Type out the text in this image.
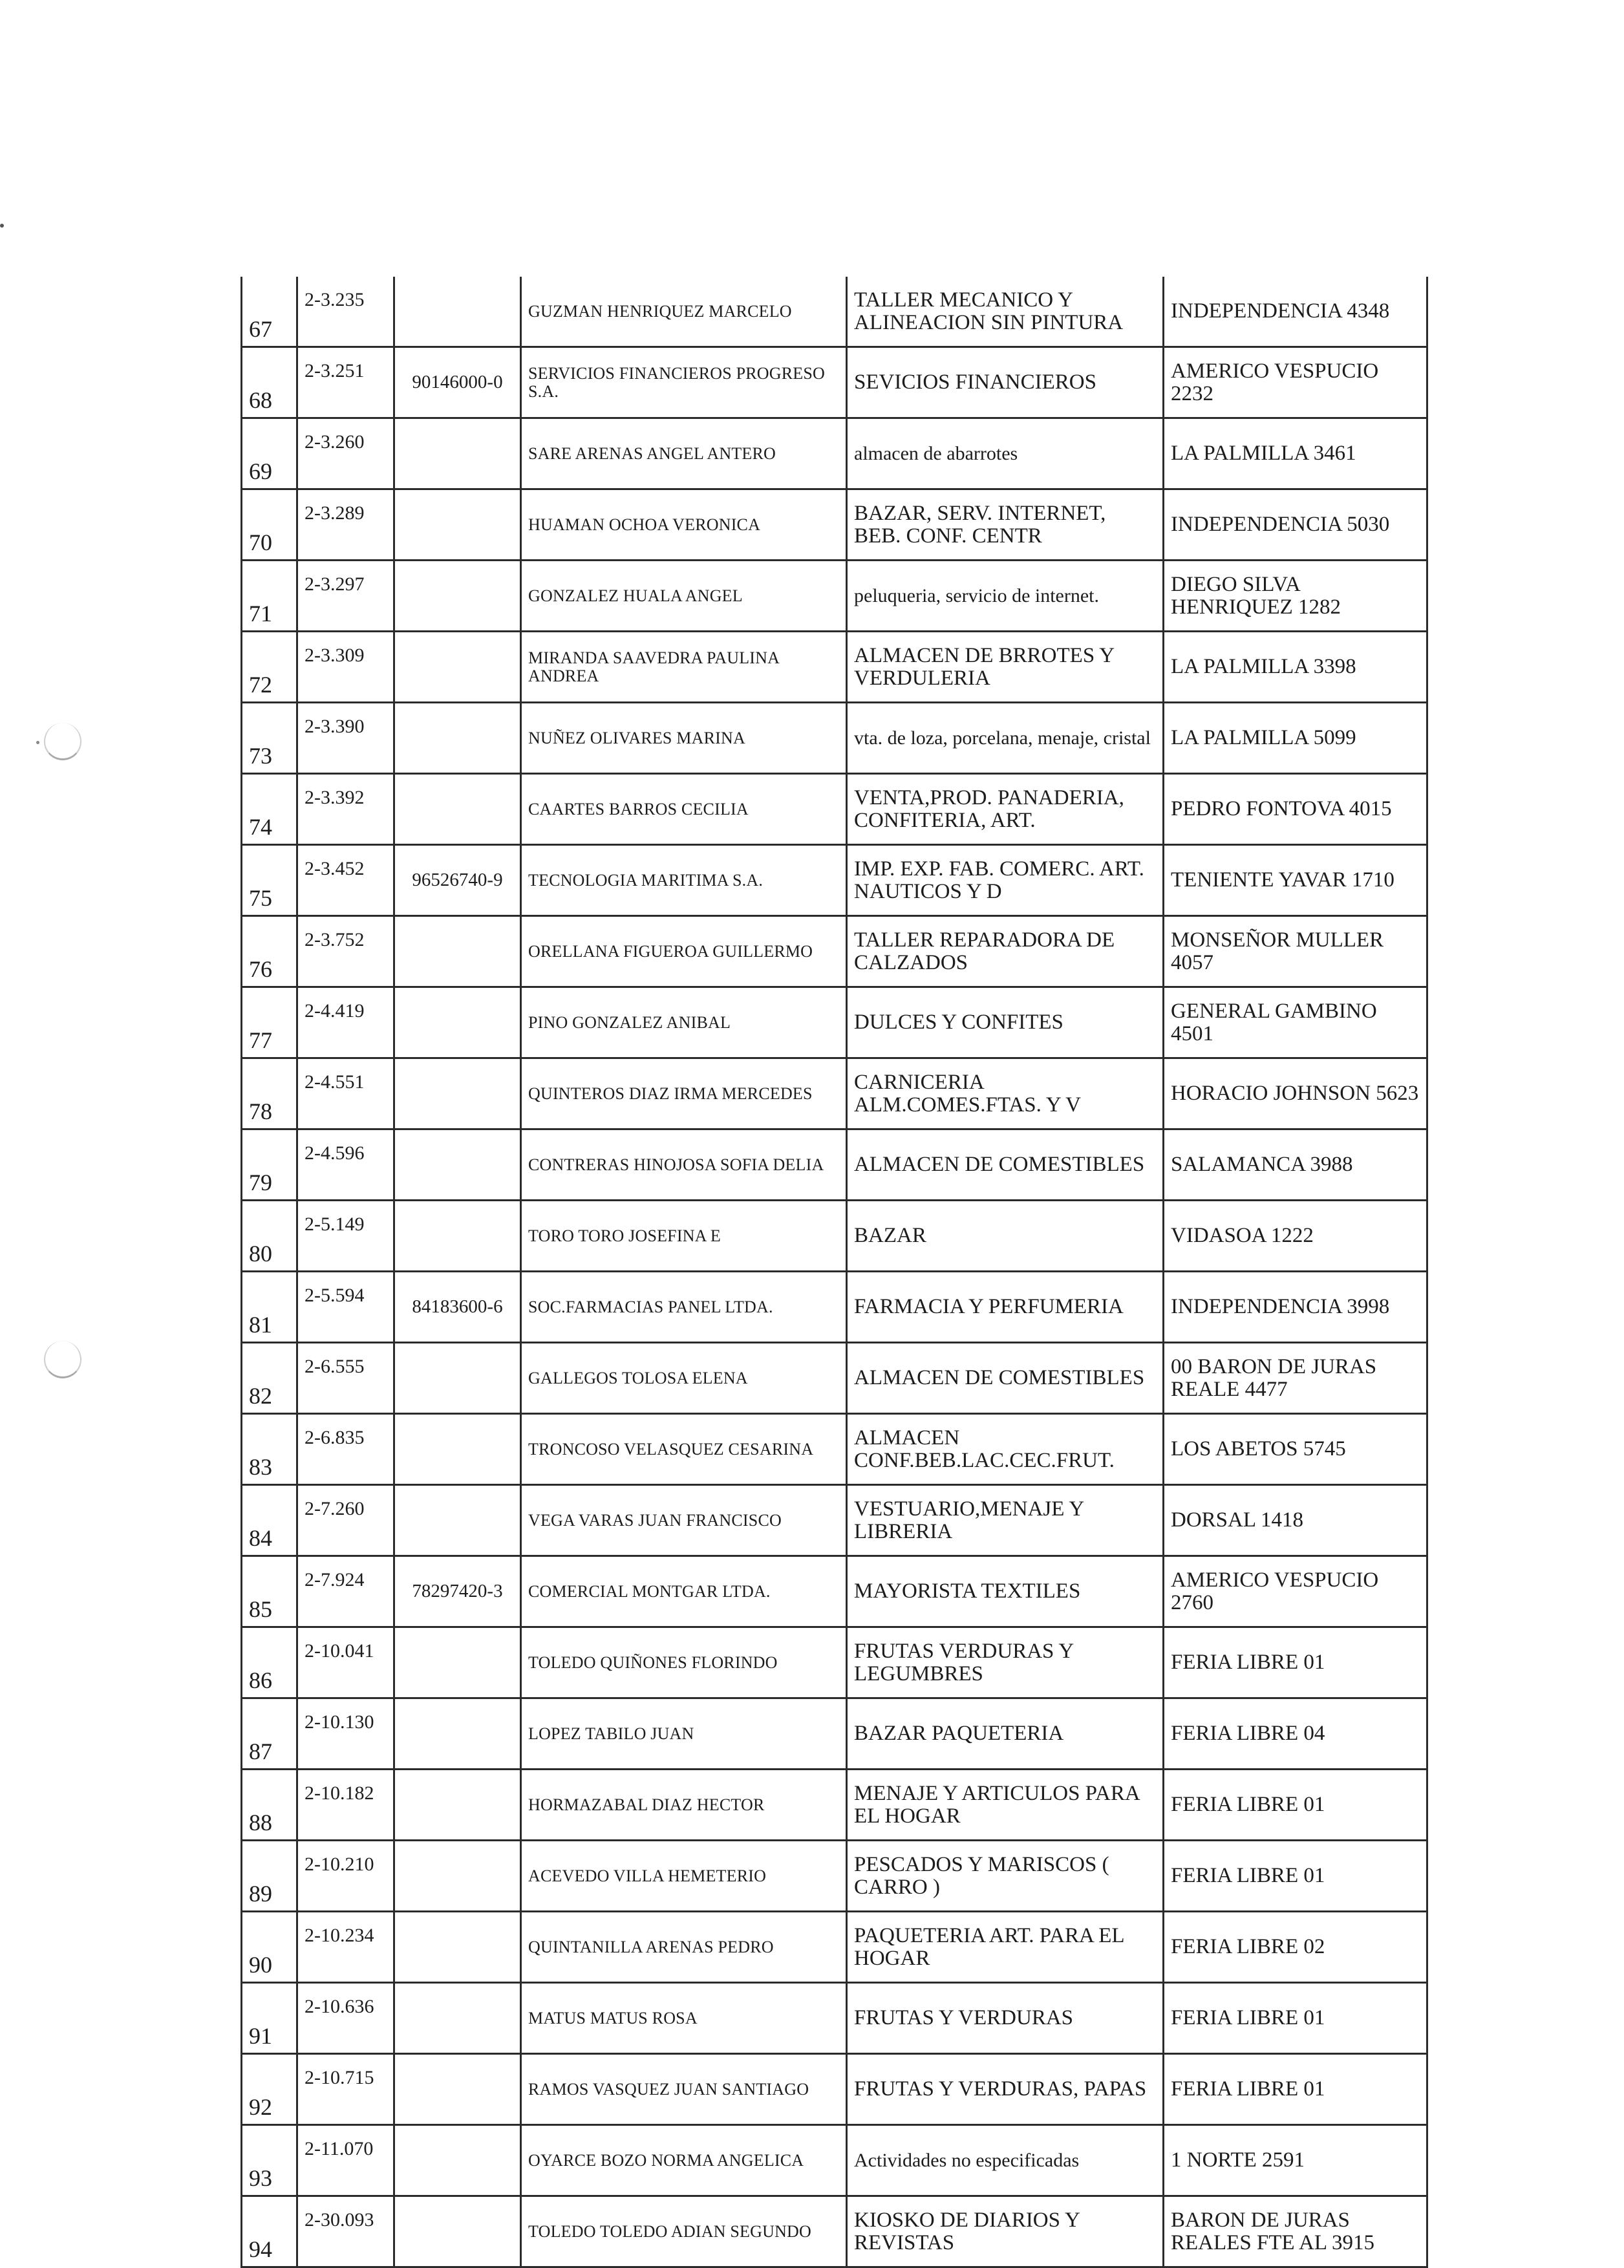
67	2-3.235		GUZMAN HENRIQUEZ MARCELO	TALLER MECANICO Y ALINEACION SIN PINTURA	INDEPENDENCIA 4348
68	2-3.251	90146000-0	SERVICIOS FINANCIEROS PROGRESO S.A.	SEVICIOS FINANCIEROS	AMERICO VESPUCIO 2232
69	2-3.260		SARE ARENAS ANGEL ANTERO	almacen de abarrotes	LA PALMILLA 3461
70	2-3.289		HUAMAN OCHOA VERONICA	BAZAR, SERV. INTERNET, BEB. CONF. CENTR	INDEPENDENCIA 5030
71	2-3.297		GONZALEZ HUALA ANGEL	peluqueria, servicio de internet.	DIEGO SILVA HENRIQUEZ 1282
72	2-3.309		MIRANDA SAAVEDRA PAULINA ANDREA	ALMACEN DE BRROTES Y VERDULERIA	LA PALMILLA 3398
73	2-3.390		NUÑEZ OLIVARES MARINA	vta. de loza, porcelana, menaje, cristal	LA PALMILLA 5099
74	2-3.392		CAARTES BARROS CECILIA	VENTA,PROD. PANADERIA, CONFITERIA, ART.	PEDRO FONTOVA 4015
75	2-3.452	96526740-9	TECNOLOGIA MARITIMA S.A.	IMP. EXP. FAB. COMERC. ART. NAUTICOS Y D	TENIENTE YAVAR 1710
76	2-3.752		ORELLANA FIGUEROA GUILLERMO	TALLER REPARADORA DE CALZADOS	MONSEÑOR MULLER 4057
77	2-4.419		PINO GONZALEZ ANIBAL	DULCES Y CONFITES	GENERAL GAMBINO 4501
78	2-4.551		QUINTEROS DIAZ IRMA MERCEDES	CARNICERIA ALM.COMES.FTAS. Y V	HORACIO JOHNSON 5623
79	2-4.596		CONTRERAS HINOJOSA SOFIA DELIA	ALMACEN DE COMESTIBLES	SALAMANCA 3988
80	2-5.149		TORO TORO JOSEFINA E	BAZAR	VIDASOA 1222
81	2-5.594	84183600-6	SOC.FARMACIAS PANEL LTDA.	FARMACIA Y PERFUMERIA	INDEPENDENCIA 3998
82	2-6.555		GALLEGOS TOLOSA ELENA	ALMACEN DE COMESTIBLES	00 BARON DE JURAS REALE 4477
83	2-6.835		TRONCOSO VELASQUEZ CESARINA	ALMACEN CONF.BEB.LAC.CEC.FRUT.	LOS ABETOS 5745
84	2-7.260		VEGA VARAS JUAN FRANCISCO	VESTUARIO,MENAJE Y LIBRERIA	DORSAL 1418
85	2-7.924	78297420-3	COMERCIAL MONTGAR LTDA.	MAYORISTA TEXTILES	AMERICO VESPUCIO 2760
86	2-10.041		TOLEDO QUIÑONES FLORINDO	FRUTAS VERDURAS Y LEGUMBRES	FERIA LIBRE 01
87	2-10.130		LOPEZ TABILO JUAN	BAZAR PAQUETERIA	FERIA LIBRE 04
88	2-10.182		HORMAZABAL DIAZ HECTOR	MENAJE Y ARTICULOS PARA EL HOGAR	FERIA LIBRE 01
89	2-10.210		ACEVEDO VILLA HEMETERIO	PESCADOS Y MARISCOS ( CARRO )	FERIA LIBRE 01
90	2-10.234		QUINTANILLA ARENAS PEDRO	PAQUETERIA ART. PARA EL HOGAR	FERIA LIBRE 02
91	2-10.636		MATUS MATUS ROSA	FRUTAS Y VERDURAS	FERIA LIBRE 01
92	2-10.715		RAMOS VASQUEZ JUAN SANTIAGO	FRUTAS Y VERDURAS, PAPAS	FERIA LIBRE 01
93	2-11.070		OYARCE BOZO NORMA ANGELICA	Actividades no especificadas	1 NORTE 2591
94	2-30.093		TOLEDO TOLEDO ADIAN SEGUNDO	KIOSKO DE DIARIOS Y REVISTAS	BARON DE JURAS REALES FTE AL 3915
